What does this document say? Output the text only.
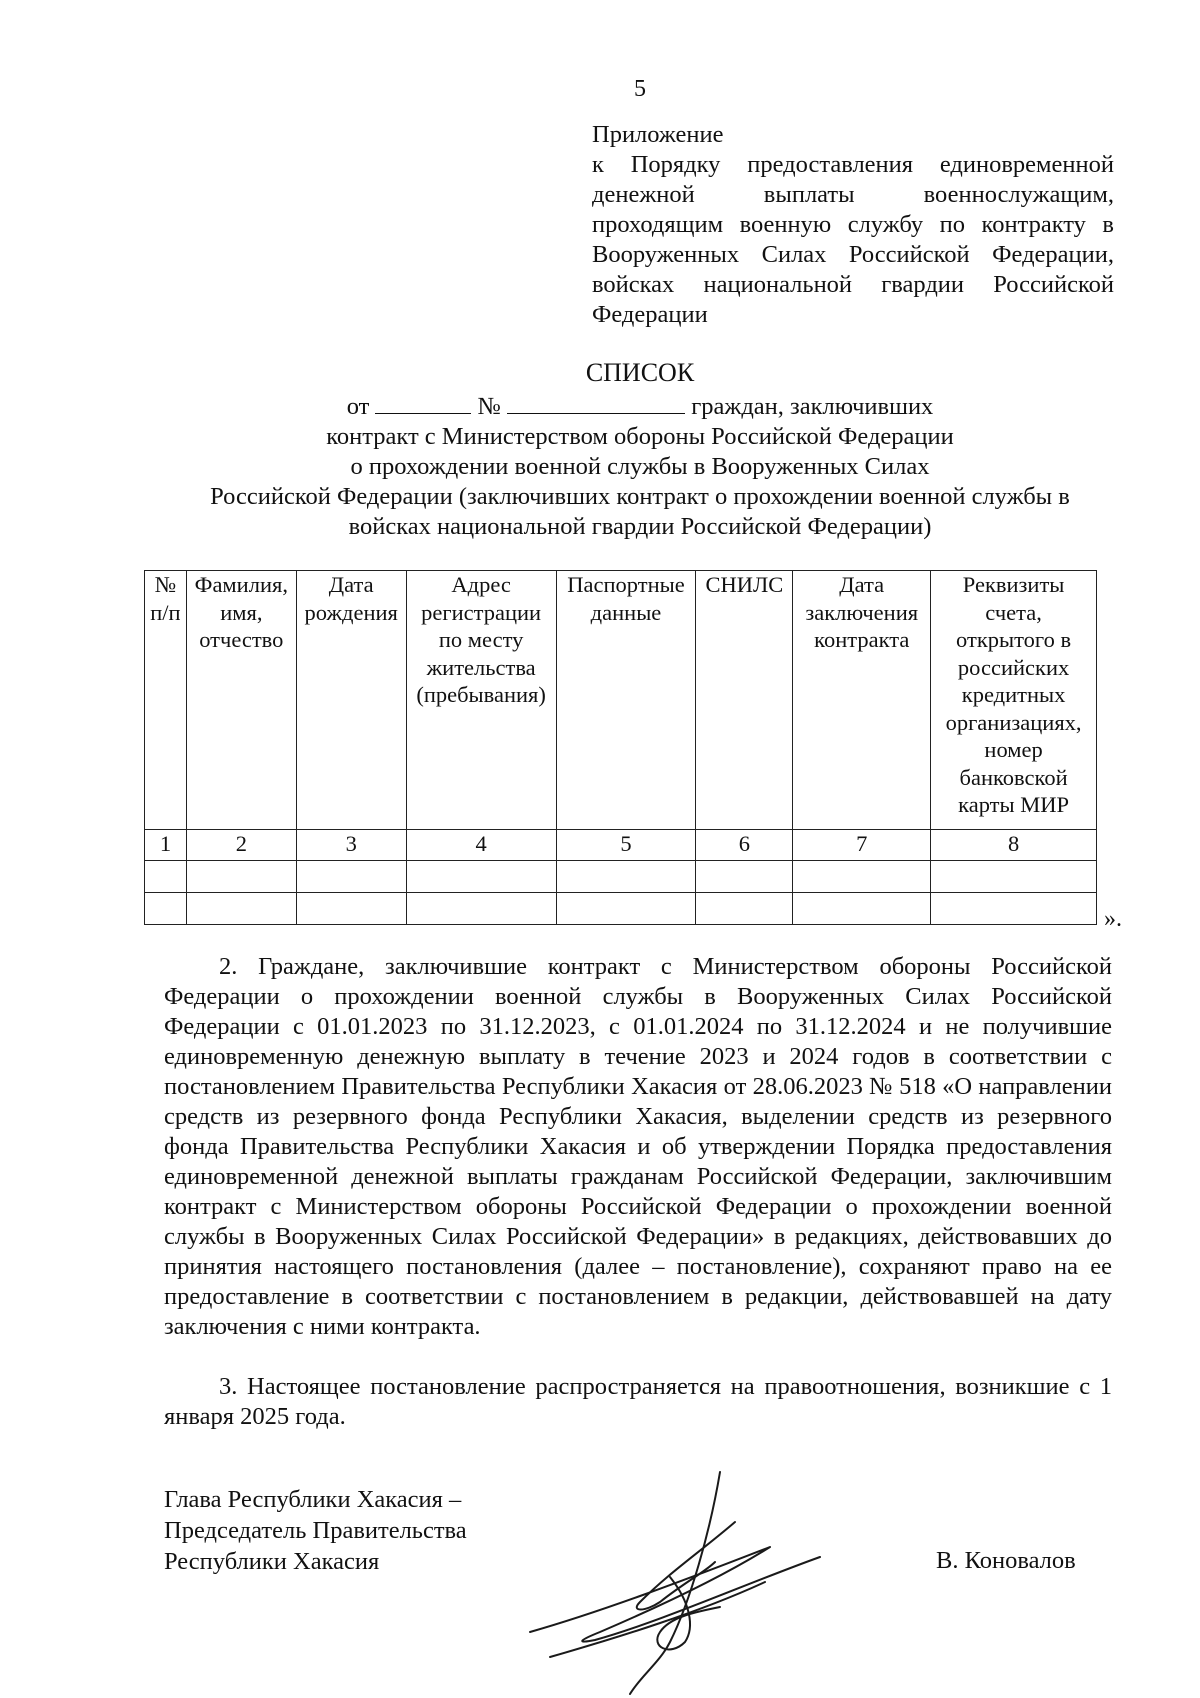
5
Приложение
к Порядку предоставления единовременной денежной выплаты военнослужащим, проходящим военную службу по контракту в Вооруженных Силах Российской Федерации, войсках национальной гвардии Российской Федерации
СПИСОК
от	№	граждан, заключивших
контракт с Министерством обороны Российской Федерации
о прохождении военной службы в Вооруженных Силах
Российской Федерации (заключивших контракт о прохождении военной службы в
войсках национальной гвардии Российской Федерации)
№ п/п	Фамилия, имя, отчество	Дата рождения	Адрес регистрации по месту жительства (пребывания)	Паспортные данные	СНИЛС	Дата заключения контракта	Реквизиты счета, открытого в российских кредитных организациях, номер банковской карты МИР
1	2	3	4	5	6	7	8

».
2. Граждане, заключившие контракт с Министерством обороны Российской Федерации о прохождении военной службы в Вооруженных Силах Российской Федерации с 01.01.2023 по 31.12.2023, с 01.01.2024 по 31.12.2024 и не получившие единовременную денежную выплату в течение 2023 и 2024 годов в соответствии с постановлением Правительства Республики Хакасия от 28.06.2023 № 518 «О направлении средств из резервного фонда Республики Хакасия, выделении средств из резервного фонда Правительства Республики Хакасия и об утверждении Порядка предоставления единовременной денежной выплаты гражданам Российской Федерации, заключившим контракт с Министерством обороны Российской Федерации о прохождении военной службы в Вооруженных Силах Российской Федерации» в редакциях, действовавших до принятия настоящего постановления (далее – постановление), сохраняют право на ее предоставление в соответствии с постановлением в редакции, действовавшей на дату заключения с ними контракта.
3. Настоящее постановление распространяется на правоотношения, возникшие с 1 января 2025 года.
Глава Республики Хакасия –
Председатель Правительства
Республики Хакасия	В. Коновалов
